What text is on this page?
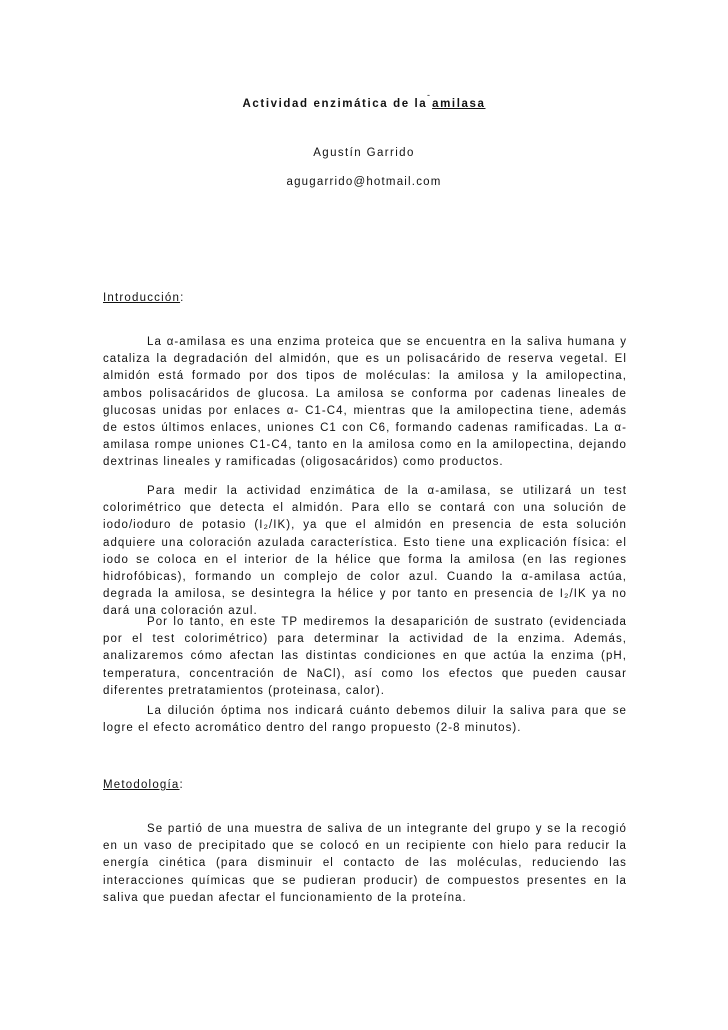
Actividad enzimática de la amilasa
-
Agustín Garrido
agugarrido@hotmail.com
Introducción:

La α-amilasa es una enzima proteica que se encuentra en la saliva humana y cataliza la degradación del almidón, que es un polisacárido de reserva vegetal. El almidón está formado por dos tipos de moléculas: la amilosa y la amilopectina, ambos polisacáridos de glucosa. La amilosa se conforma por cadenas lineales de glucosas unidas por enlaces α- C1-C4, mientras que la amilopectina tiene, además de estos últimos enlaces, uniones C1 con C6, formando cadenas ramificadas. La α-amilasa rompe uniones C1-C4, tanto en la amilosa como en la amilopectina, dejando dextrinas lineales y ramificadas (oligosacáridos) como productos.

Para medir la actividad enzimática de la α-amilasa, se utilizará un test colorimétrico que detecta el almidón. Para ello se contará con una solución de iodo/ioduro de potasio (I₂/IK), ya que el almidón en presencia de esta solución adquiere una coloración azulada característica. Esto tiene una explicación física: el iodo se coloca en el interior de la hélice que forma la amilosa (en las regiones hidrofóbicas), formando un complejo de color azul. Cuando la α-amilasa actúa, degrada la amilosa, se desintegra la hélice y por tanto en presencia de I₂/IK ya no dará una coloración azul.

Por lo tanto, en este TP mediremos la desaparición de sustrato (evidenciada por el test colorimétrico) para determinar la actividad de la enzima. Además, analizaremos cómo afectan las distintas condiciones en que actúa la enzima (pH, temperatura, concentración de NaCl), así como los efectos que pueden causar diferentes pretratamientos (proteinasa, calor).

La dilución óptima nos indicará cuánto debemos diluir la saliva para que se logre el efecto acromático dentro del rango propuesto (2-8 minutos).

Metodología:

Se partió de una muestra de saliva de un integrante del grupo y se la recogió en un vaso de precipitado que se colocó en un recipiente con hielo para reducir la energía cinética (para disminuir el contacto de las moléculas, reduciendo las interacciones químicas que se pudieran producir) de compuestos presentes en la saliva que puedan afectar el funcionamiento de la proteína.
